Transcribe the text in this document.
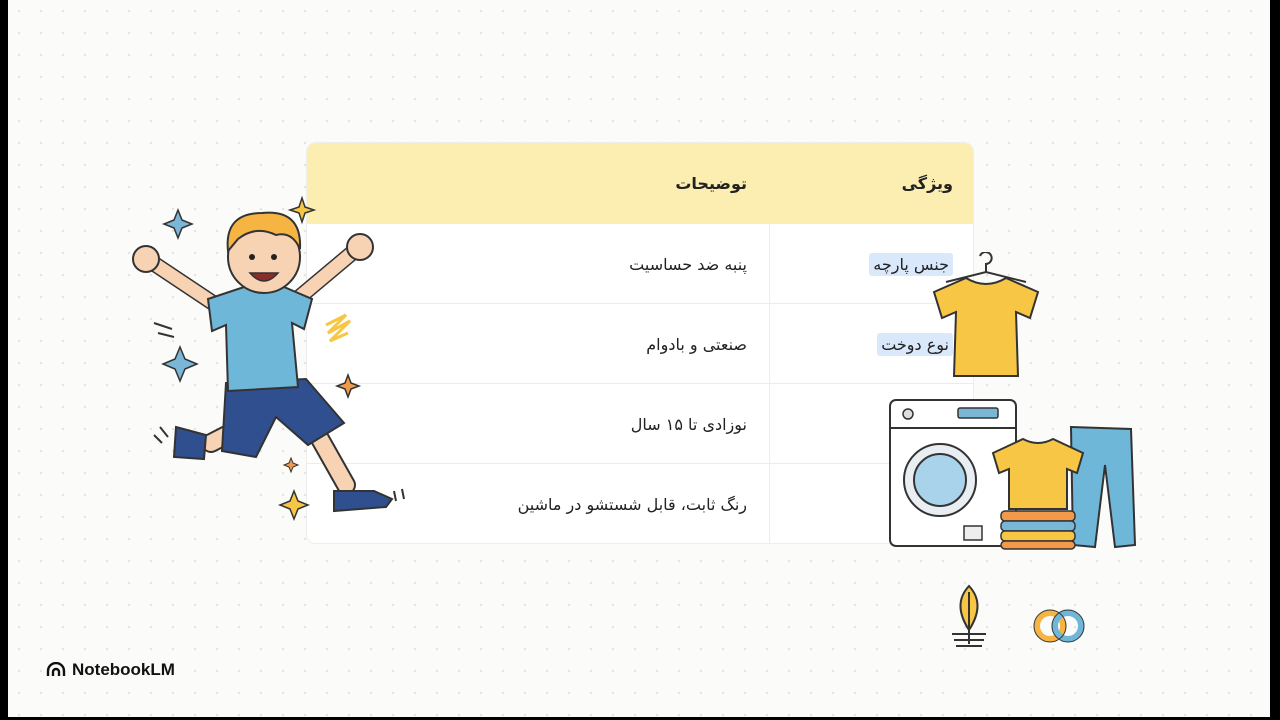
ویژگی
توضیحات
جنس پارچه
پنبه ضد حساسیت
نوع دوخت
صنعتی و بادوام
نوزادی تا ۱۵ سال
رنگ ثابت، قابل شستشو در ماشین
NotebookLM
